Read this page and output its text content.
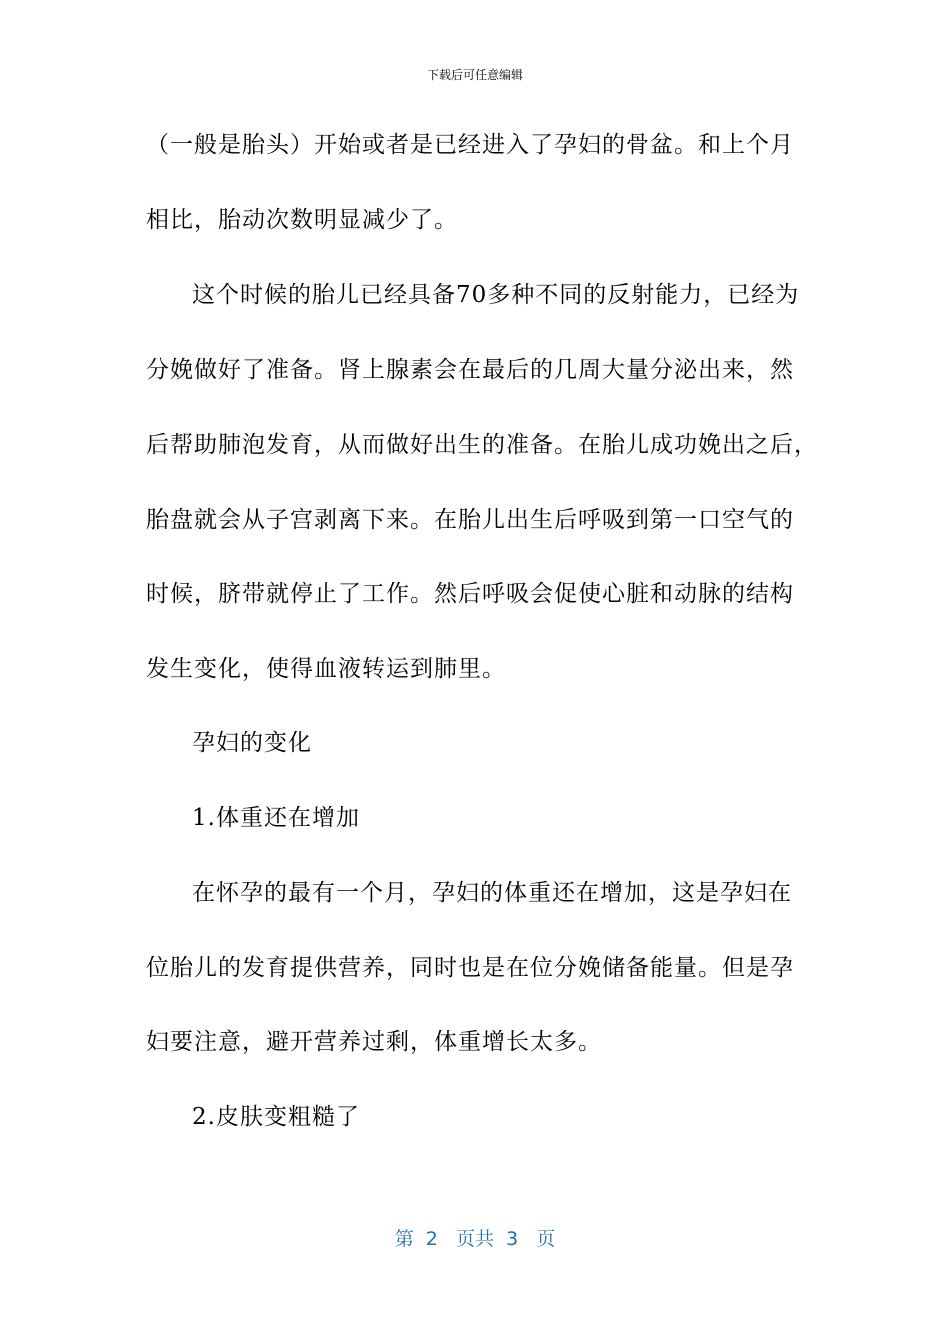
下载后可任意编辑
（一般是胎头）开始或者是已经进入了孕妇的骨盆。和上个月
相比，胎动次数明显减少了。
这个时候的胎儿已经具备70多种不同的反射能力，已经为
分娩做好了准备。肾上腺素会在最后的几周大量分泌出来，然
后帮助肺泡发育，从而做好出生的准备。在胎儿成功娩出之后，
胎盘就会从子宫剥离下来。在胎儿出生后呼吸到第一口空气的
时候，脐带就停止了工作。然后呼吸会促使心脏和动脉的结构
发生变化，使得血液转运到肺里。
孕妇的变化
1.体重还在增加
在怀孕的最有一个月，孕妇的体重还在增加，这是孕妇在
位胎儿的发育提供营养，同时也是在位分娩储备能量。但是孕
妇要注意，避开营养过剩，体重增长太多。
2.皮肤变粗糙了
第  2   页共  3   页
